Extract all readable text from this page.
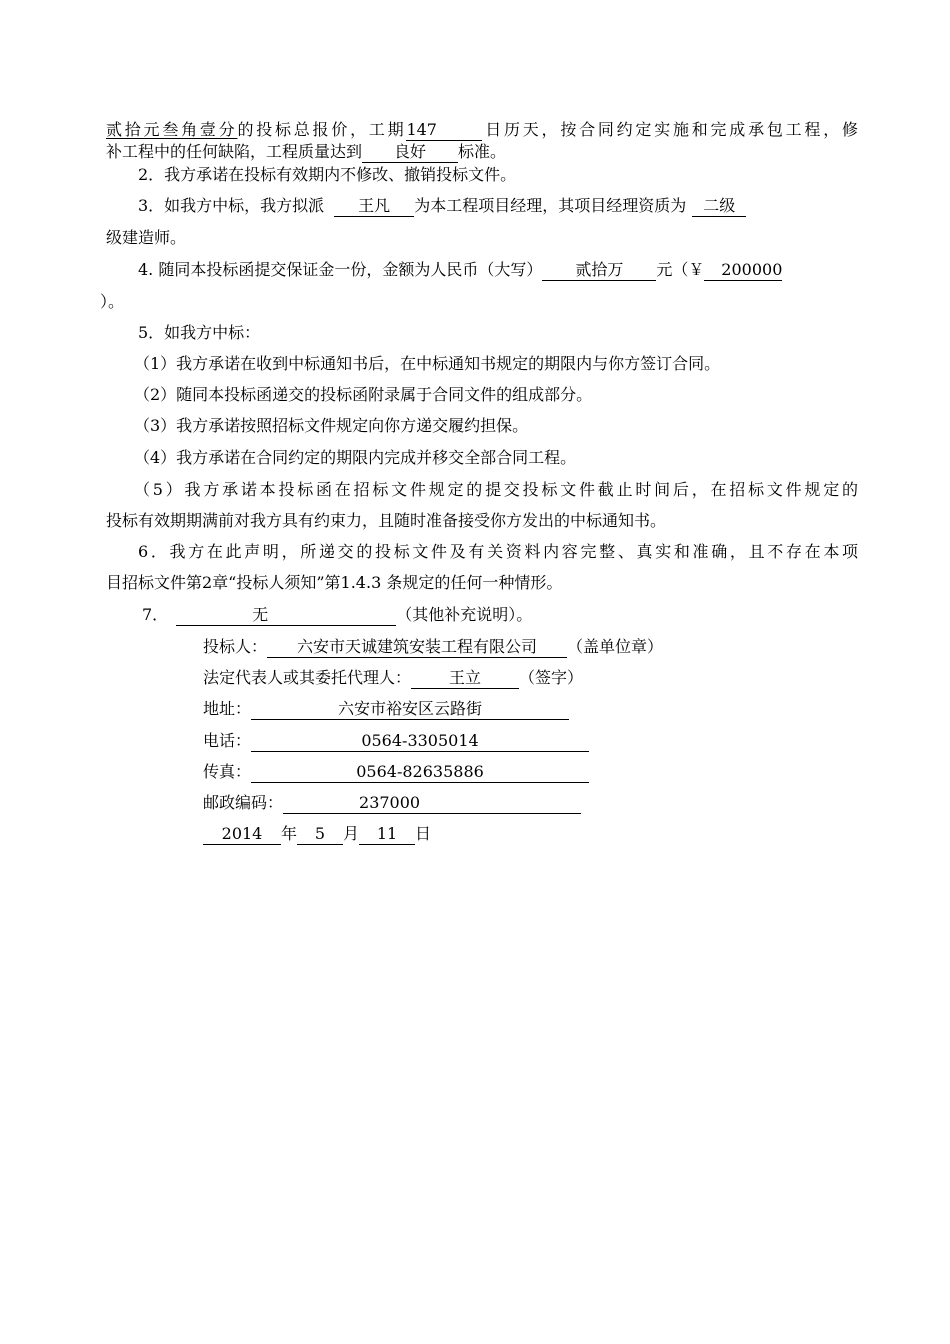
贰拾元叁角壹分的投标总报价，工期147	日历天，按合同约定实施和完成承包工程，修
补工程中的任何缺陷，工程质量达到 良好 标准。
2．我方承诺在投标有效期内不修改、撤销投标文件。
3．如我方中标，我方拟派 王凡 为本工程项目经理，其项目经理资质为 二级
级建造师。
4. 随同本投标函提交保证金一份，金额为人民币（大写） 贰拾万 元（￥ 200000
）。
5．如我方中标：
（1）我方承诺在收到中标通知书后，在中标通知书规定的期限内与你方签订合同。
（2）随同本投标函递交的投标函附录属于合同文件的组成部分。
（3）我方承诺按照招标文件规定向你方递交履约担保。
（4）我方承诺在合同约定的期限内完成并移交全部合同工程。
（5）我方承诺本投标函在招标文件规定的提交投标文件截止时间后，在招标文件规定的
投标有效期期满前对我方具有约束力，且随时准备接受你方发出的中标通知书。
6．我方在此声明，所递交的投标文件及有关资料内容完整、真实和准确，且不存在本项
目招标文件第2章“投标人须知”第1.4.3 条规定的任何一种情形。
7．	无	（其他补充说明）。
投标人： 六安市天诚建筑安装工程有限公司 （盖单位章）
法定代表人或其委托代理人： 王立 （签字）
地址：	六安市裕安区云路街
电话：	0564-3305014
传真：	0564-82635886
邮政编码：	237000
2014 年 5 月 11 日
